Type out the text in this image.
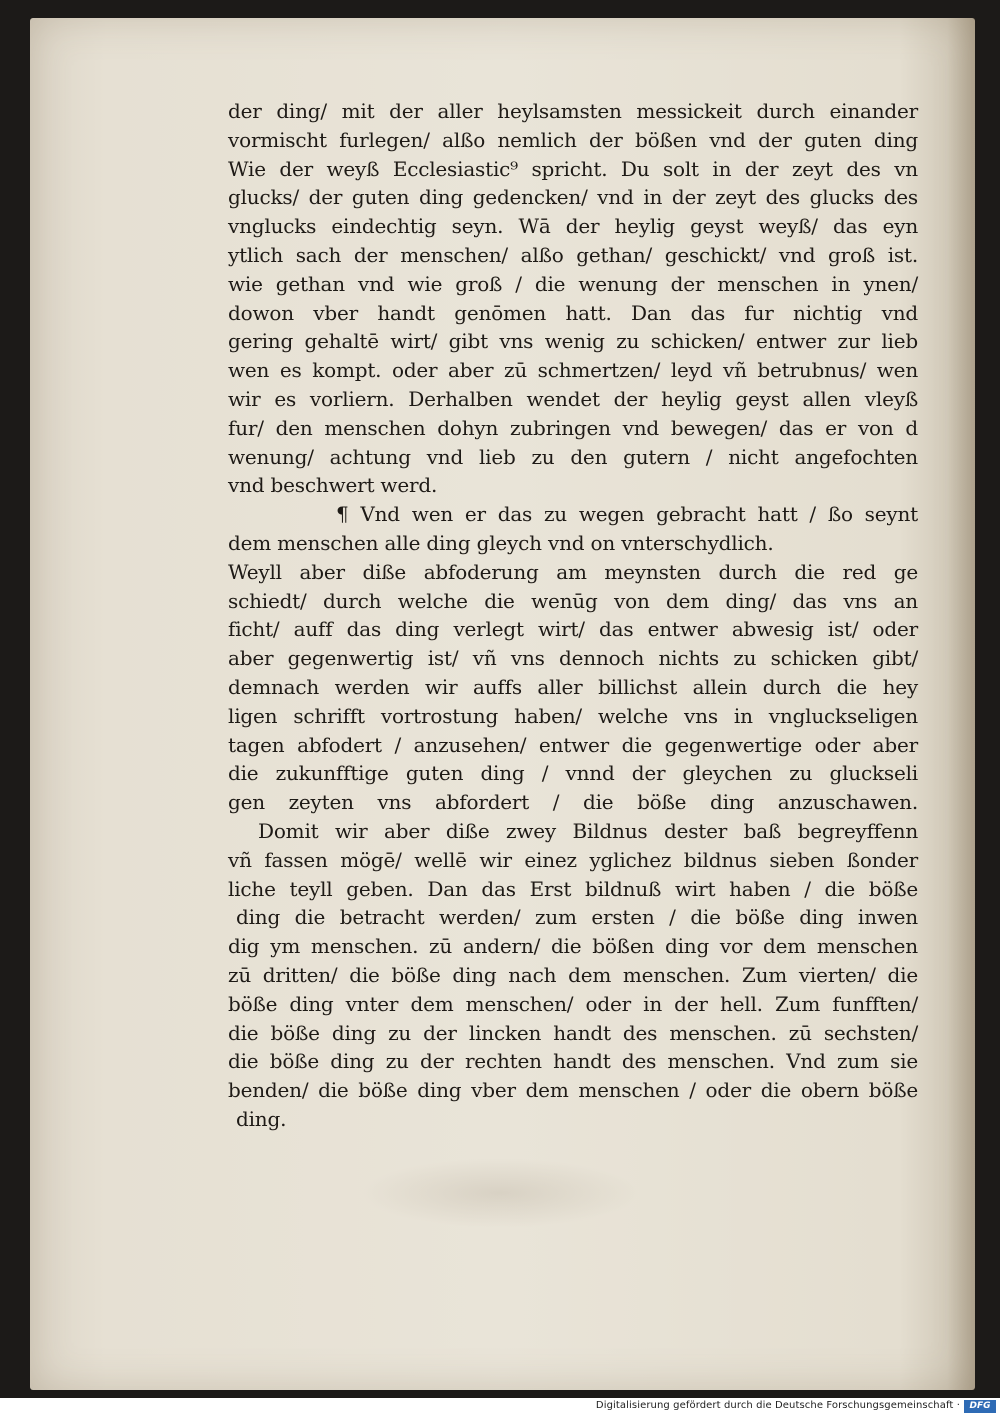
der ding/ mit der aller heylsamsten messickeit durch einander
vormischt furlegen/ alßo nemlich der bößen vnd der guten ding
Wie der weyß Ecclesiastic⁹ spricht. Du solt in der zeyt des vn
glucks/ der guten ding gedencken/ vnd in der zeyt des glucks des
vnglucks eindechtig seyn. Wā der heylig geyst weyß/ das eyn
ytlich sach der menschen/ alßo gethan/ geschickt/ vnd groß ist.
wie gethan vnd wie groß / die wenung der menschen in ynen/
dowon vber handt genōmen hatt. Dan das fur nichtig vnd
gering gehaltē wirt/ gibt vns wenig zu schicken/ entwer zur lieb
wen es kompt. oder aber zū schmertzen/ leyd vñ betrubnus/ wen
wir es vorliern. Derhalben wendet der heylig geyst allen vleyß
fur/ den menschen dohyn zubringen vnd bewegen/ das er von d
wenung/ achtung vnd lieb zu den gutern / nicht angefochten
vnd beschwert werd.
¶ Vnd wen er das zu wegen gebracht hatt / ßo seynt
dem menschen alle ding gleych vnd on vnterschydlich.
Weyll aber diße abfoderung am meynsten durch die red ge
schiedt/ durch welche die wenūg von dem ding/ das vns an
ficht/ auff das ding verlegt wirt/ das entwer abwesig ist/ oder
aber gegenwertig ist/ vñ vns dennoch nichts zu schicken gibt/
demnach werden wir auffs aller billichst allein durch die hey
ligen schrifft vortrostung haben/ welche vns in vngluckseligen
tagen abfodert / anzusehen/ entwer die gegenwertige oder aber
die zukunfftige guten ding / vnnd der gleychen zu gluckseli
gen zeyten vns abfordert / die böße ding anzuschawen.
Domit wir aber diße zwey Bildnus dester baß begreyffenn
vñ fassen mögē/ wellē wir einez yglichez bildnus sieben ßonder
liche teyll geben. Dan das Erst bildnuß wirt haben / die böße
ding die betracht werden/ zum ersten / die böße ding inwen
dig ym menschen. zū andern/ die bößen ding vor dem menschen
zū dritten/ die böße ding nach dem menschen. Zum vierten/ die
böße ding vnter dem menschen/ oder in der hell. Zum funfften/
die böße ding zu der lincken handt des menschen. zū sechsten/
die böße ding zu der rechten handt des menschen. Vnd zum sie
benden/ die böße ding vber dem menschen / oder die obern böße
ding.
Digitalisierung gefördert durch die Deutsche Forschungsgemeinschaft ·	DFG
